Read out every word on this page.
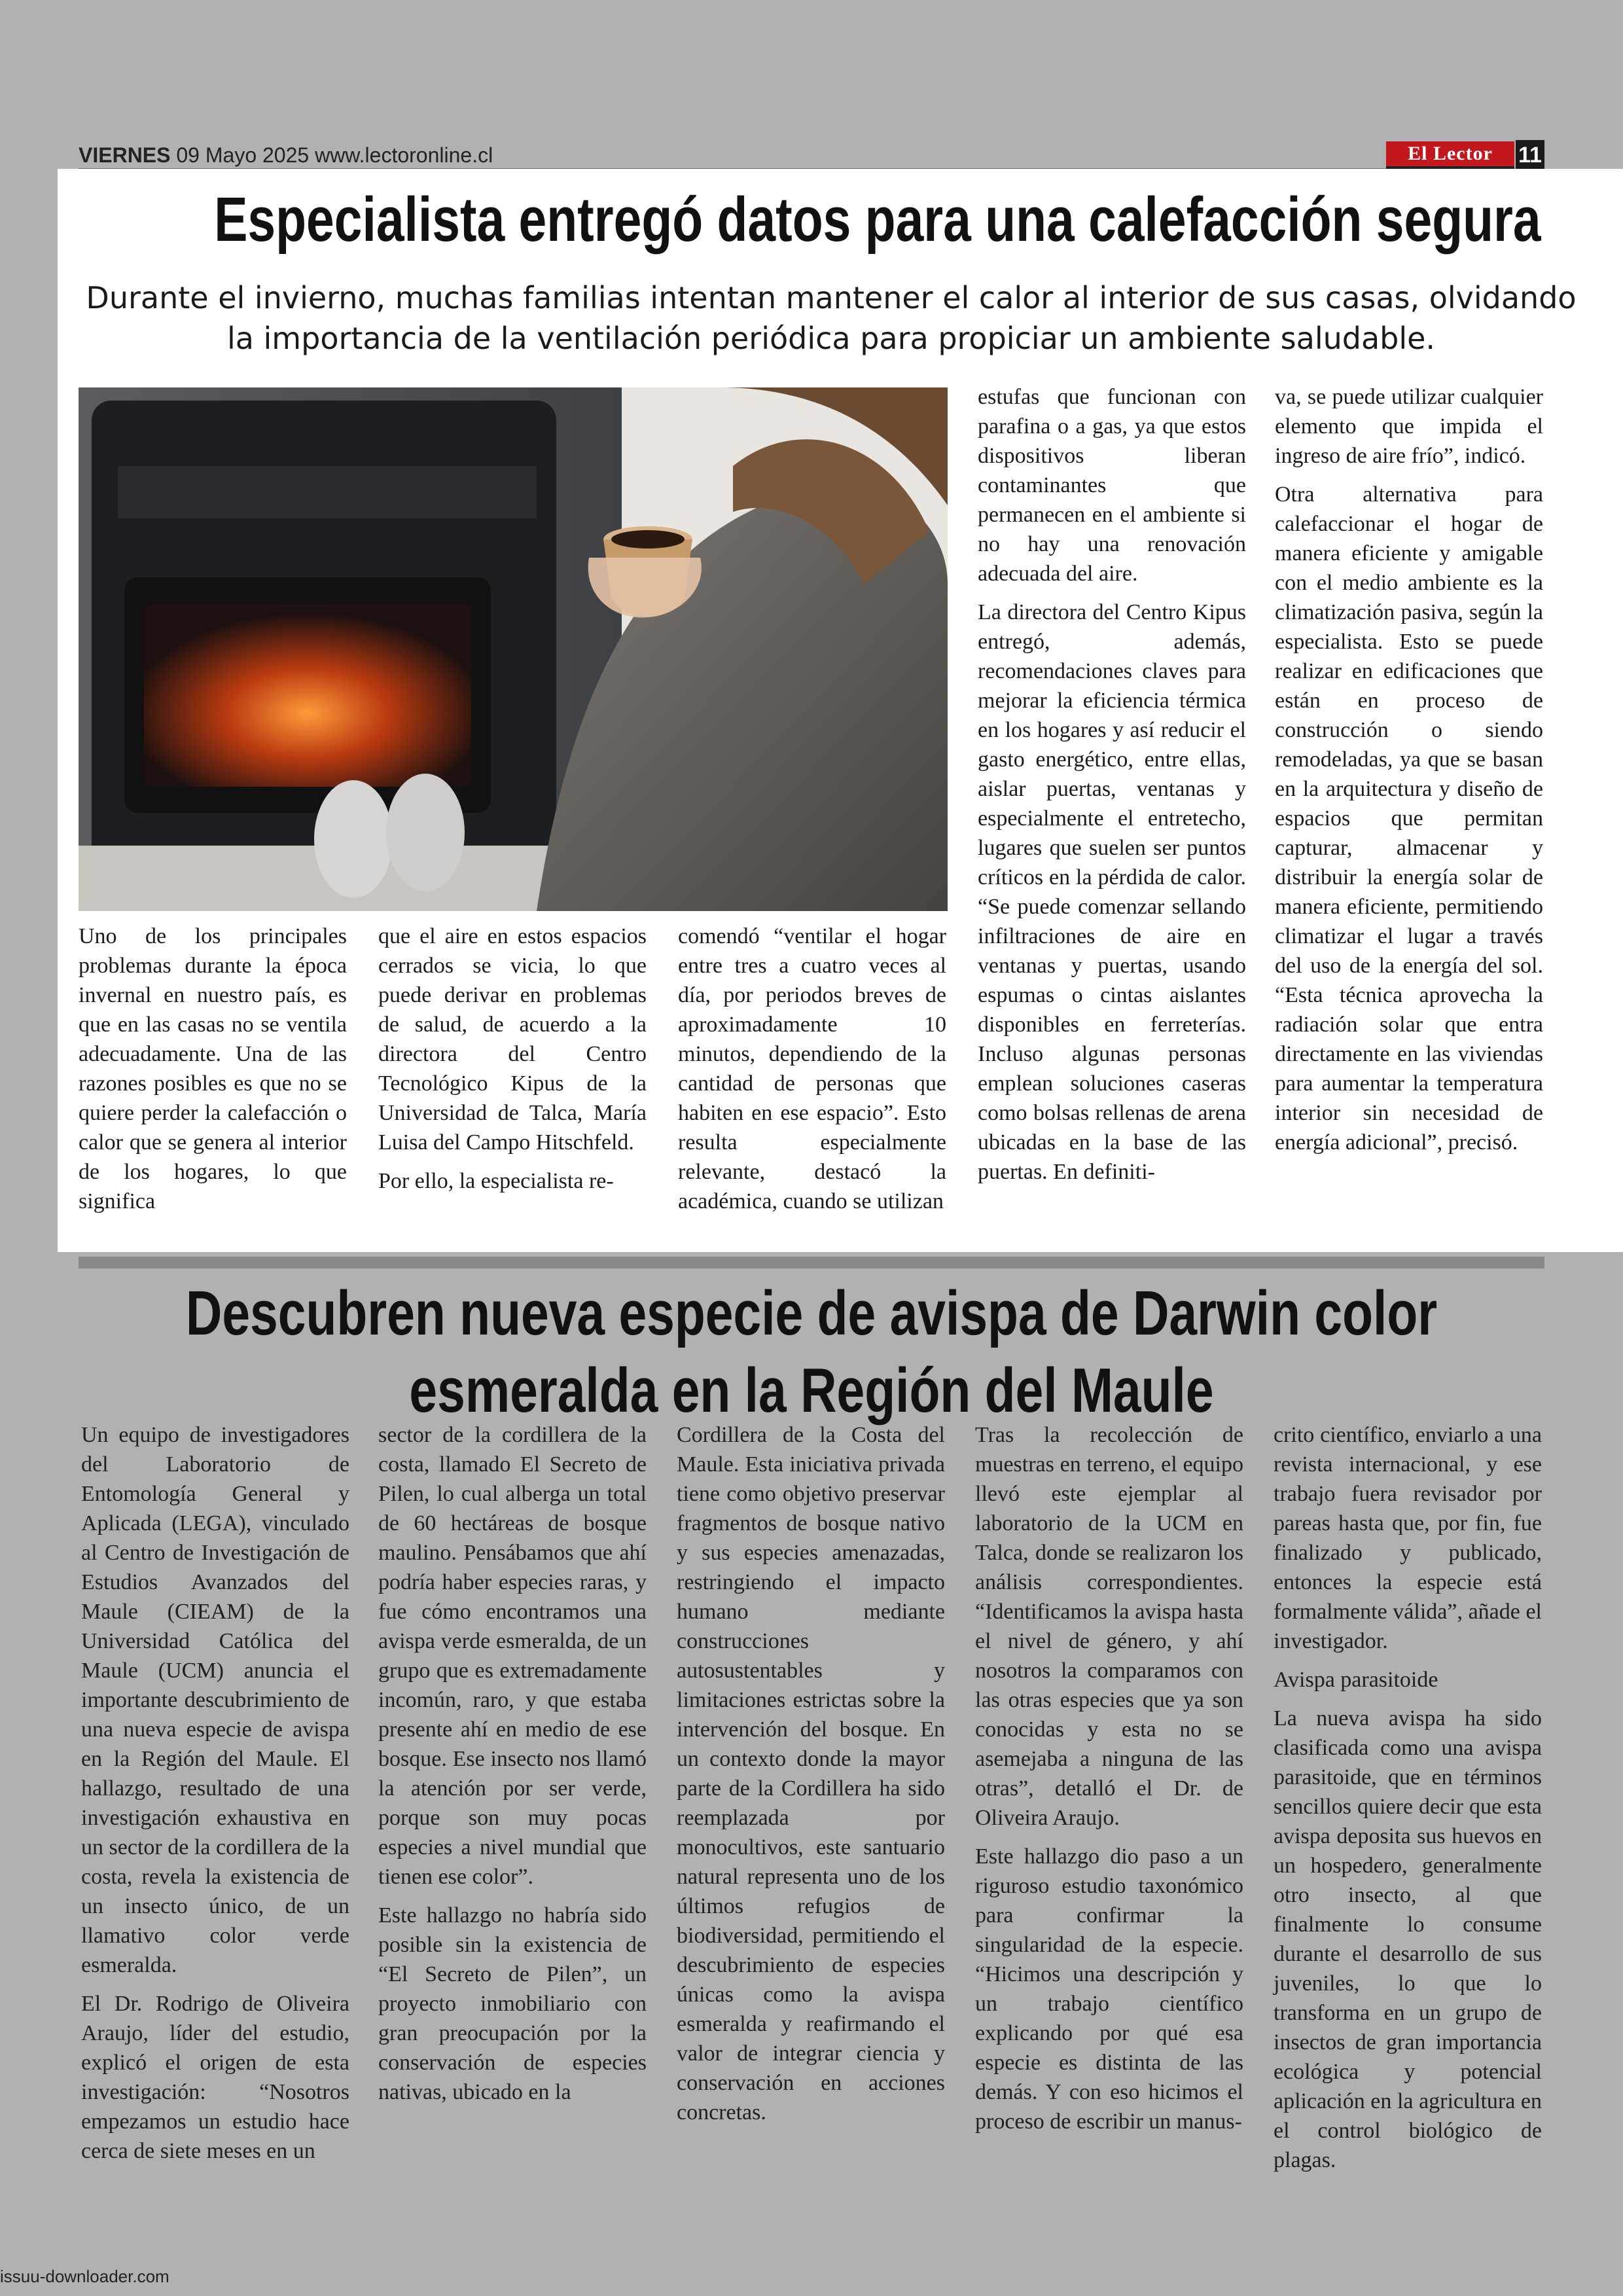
VIERNES 09 Mayo 2025 www.lectoronline.cl	El Lector	11
Especialista entregó datos para una calefacción segura
Durante el invierno, muchas familias intentan mantener el calor al interior de sus casas, olvidando la importancia de la ventilación periódica para propiciar un ambiente saludable.

Uno de los principales problemas durante la época invernal en nuestro país, es que en las casas no se ventila adecuadamente. Una de las razones posibles es que no se quiere perder la calefacción o calor que se genera al interior de los hogares, lo que significa

que el aire en estos espacios cerrados se vicia, lo que puede derivar en problemas de salud, de acuerdo a la directora del Centro Tecnológico Kipus de la Universidad de Talca, María Luisa del Campo Hitschfeld.

Por ello, la especialista re-

comendó “ventilar el hogar entre tres a cuatro veces al día, por periodos breves de aproximadamente 10 minutos, dependiendo de la cantidad de personas que habiten en ese espacio”. Esto resulta especialmente relevante, destacó la académica, cuando se utilizan

estufas que funcionan con parafina o a gas, ya que estos dispositivos liberan contaminantes que permanecen en el ambiente si no hay una renovación adecuada del aire.

La directora del Centro Kipus entregó, además, recomendaciones claves para mejorar la eficiencia térmica en los hogares y así reducir el gasto energético, entre ellas, aislar puertas, ventanas y especialmente el entretecho, lugares que suelen ser puntos críticos en la pérdida de calor. “Se puede comenzar sellando infiltraciones de aire en ventanas y puertas, usando espumas o cintas aislantes disponibles en ferreterías. Incluso algunas personas emplean soluciones caseras como bolsas rellenas de arena ubicadas en la base de las puertas. En definiti-

va, se puede utilizar cualquier elemento que impida el ingreso de aire frío”, indicó.

Otra alternativa para calefaccionar el hogar de manera eficiente y amigable con el medio ambiente es la climatización pasiva, según la especialista. Esto se puede realizar en edificaciones que están en proceso de construcción o siendo remodeladas, ya que se basan en la arquitectura y diseño de espacios que permitan capturar, almacenar y distribuir la energía solar de manera eficiente, permitiendo climatizar el lugar a través del uso de la energía del sol. “Esta técnica aprovecha la radiación solar que entra directamente en las viviendas para aumentar la temperatura interior sin necesidad de energía adicional”, precisó.

Descubren nueva especie de avispa de Darwin color
esmeralda en la Región del Maule

Un equipo de investigadores del Laboratorio de Entomología General y Aplicada (LEGA), vinculado al Centro de Investigación de Estudios Avanzados del Maule (CIEAM) de la Universidad Católica del Maule (UCM) anuncia el importante descubrimiento de una nueva especie de avispa en la Región del Maule. El hallazgo, resultado de una investigación exhaustiva en un sector de la cordillera de la costa, revela la existencia de un insecto único, de un llamativo color verde esmeralda.

El Dr. Rodrigo de Oliveira Araujo, líder del estudio, explicó el origen de esta investigación: “Nosotros empezamos un estudio hace cerca de siete meses en un

sector de la cordillera de la costa, llamado El Secreto de Pilen, lo cual alberga un total de 60 hectáreas de bosque maulino. Pensábamos que ahí podría haber especies raras, y fue cómo encontramos una avispa verde esmeralda, de un grupo que es extremadamente incomún, raro, y que estaba presente ahí en medio de ese bosque. Ese insecto nos llamó la atención por ser verde, porque son muy pocas especies a nivel mundial que tienen ese color”.

Este hallazgo no habría sido posible sin la existencia de “El Secreto de Pilen”, un proyecto inmobiliario con gran preocupación por la conservación de especies nativas, ubicado en la

Cordillera de la Costa del Maule. Esta iniciativa privada tiene como objetivo preservar fragmentos de bosque nativo y sus especies amenazadas, restringiendo el impacto humano mediante construcciones autosustentables y limitaciones estrictas sobre la intervención del bosque. En un contexto donde la mayor parte de la Cordillera ha sido reemplazada por monocultivos, este santuario natural representa uno de los últimos refugios de biodiversidad, permitiendo el descubrimiento de especies únicas como la avispa esmeralda y reafirmando el valor de integrar ciencia y conservación en acciones concretas.

Tras la recolección de muestras en terreno, el equipo llevó este ejemplar al laboratorio de la UCM en Talca, donde se realizaron los análisis correspondientes. “Identificamos la avispa hasta el nivel de género, y ahí nosotros la comparamos con las otras especies que ya son conocidas y esta no se asemejaba a ninguna de las otras”, detalló el Dr. de Oliveira Araujo.

Este hallazgo dio paso a un riguroso estudio taxonómico para confirmar la singularidad de la especie. “Hicimos una descripción y un trabajo científico explicando por qué esa especie es distinta de las demás. Y con eso hicimos el proceso de escribir un manus-

crito científico, enviarlo a una revista internacional, y ese trabajo fuera revisador por pareas hasta que, por fin, fue finalizado y publicado, entonces la especie está formalmente válida”, añade el investigador.

Avispa parasitoide

La nueva avispa ha sido clasificada como una avispa parasitoide, que en términos sencillos quiere decir que esta avispa deposita sus huevos en un hospedero, generalmente otro insecto, al que finalmente lo consume durante el desarrollo de sus juveniles, lo que lo transforma en un grupo de insectos de gran importancia ecológica y potencial aplicación en la agricultura en el control biológico de plagas.

issuu-downloader.com
